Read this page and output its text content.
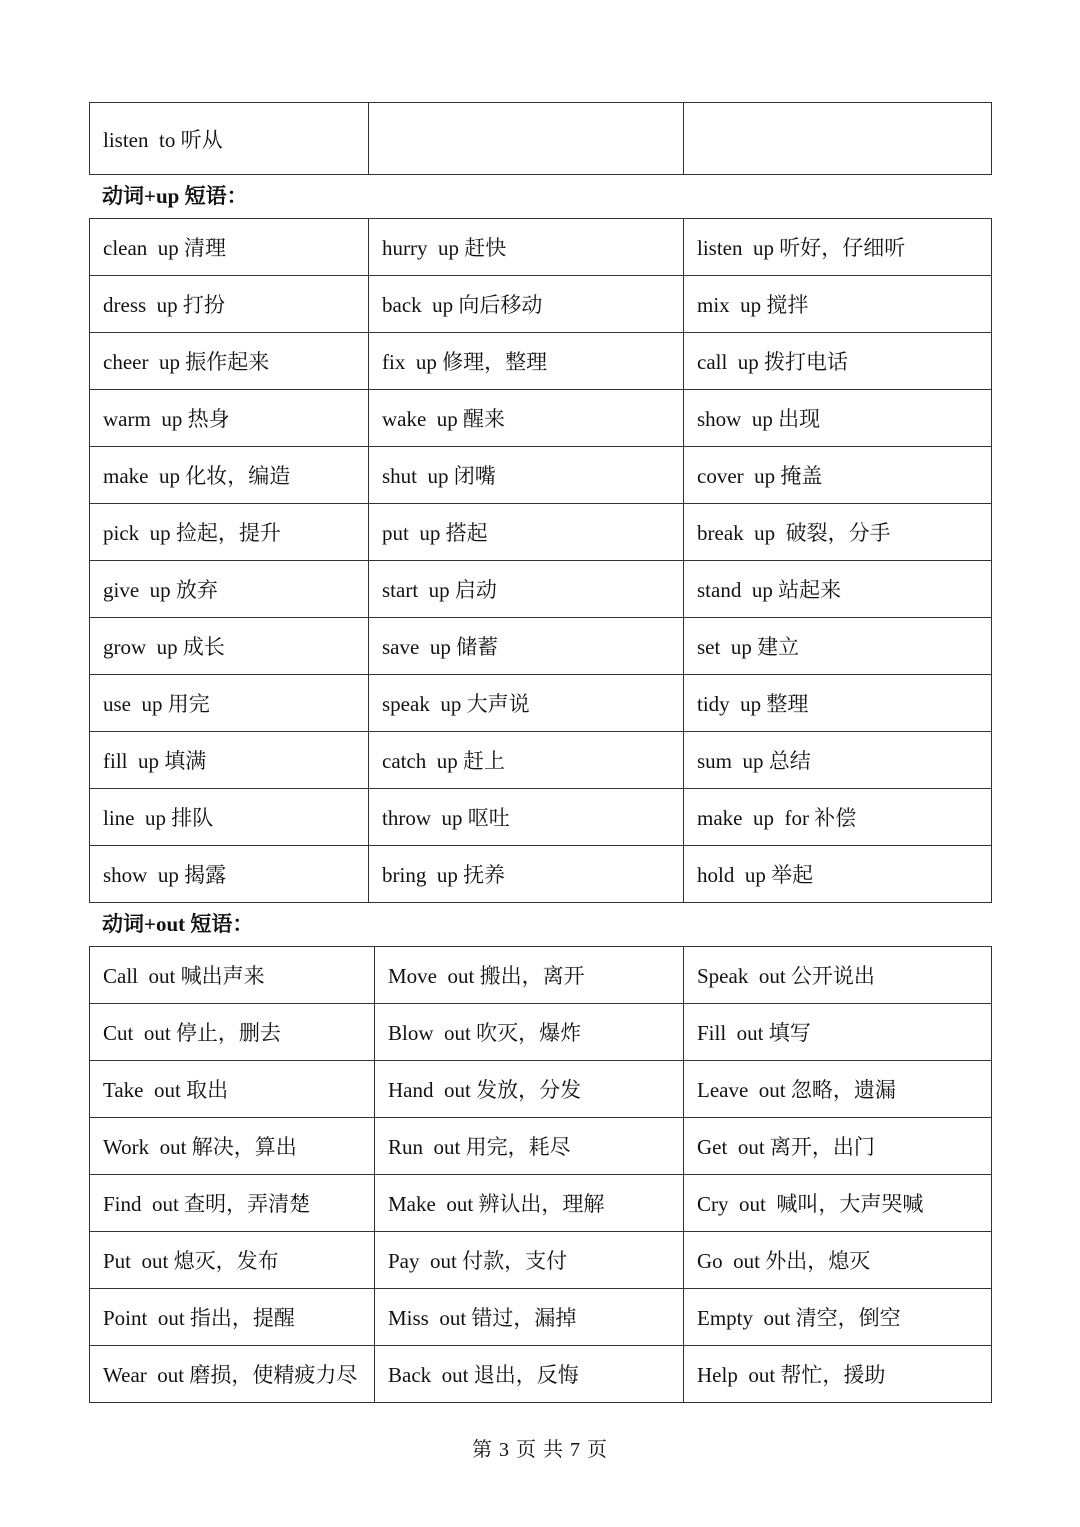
listen  to 听从		
动词+up 短语：
clean  up 清理	hurry  up 赶快	listen  up 听好，仔细听
dress  up 打扮	back  up 向后移动	mix  up 搅拌
cheer  up 振作起来	fix  up 修理，整理	call  up 拨打电话
warm  up 热身	wake  up 醒来	show  up 出现
make  up 化妆，编造	shut  up 闭嘴	cover  up 掩盖
pick  up 捡起，提升	put  up 搭起	break  up  破裂，分手
give  up 放弃	start  up 启动	stand  up 站起来
grow  up 成长	save  up 储蓄	set  up 建立
use  up 用完	speak  up 大声说	tidy  up 整理
fill  up 填满	catch  up 赶上	sum  up 总结
line  up 排队	throw  up 呕吐	make  up  for 补偿
show  up 揭露	bring  up 抚养	hold  up 举起
动词+out 短语：
Call  out 喊出声来	Move  out 搬出，离开	Speak  out 公开说出
Cut  out 停止，删去	Blow  out 吹灭，爆炸	Fill  out 填写
Take  out 取出	Hand  out 发放，分发	Leave  out 忽略，遗漏
Work  out 解决，算出	Run  out 用完，耗尽	Get  out 离开，出门
Find  out 查明，弄清楚	Make  out 辨认出，理解	Cry  out  喊叫，大声哭喊
Put  out 熄灭，发布	Pay  out 付款，支付	Go  out 外出，熄灭
Point  out 指出，提醒	Miss  out 错过，漏掉	Empty  out 清空，倒空
Wear  out 磨损，使精疲力尽	Back  out 退出，反悔	Help  out 帮忙，援助
第 3 页 共 7 页
